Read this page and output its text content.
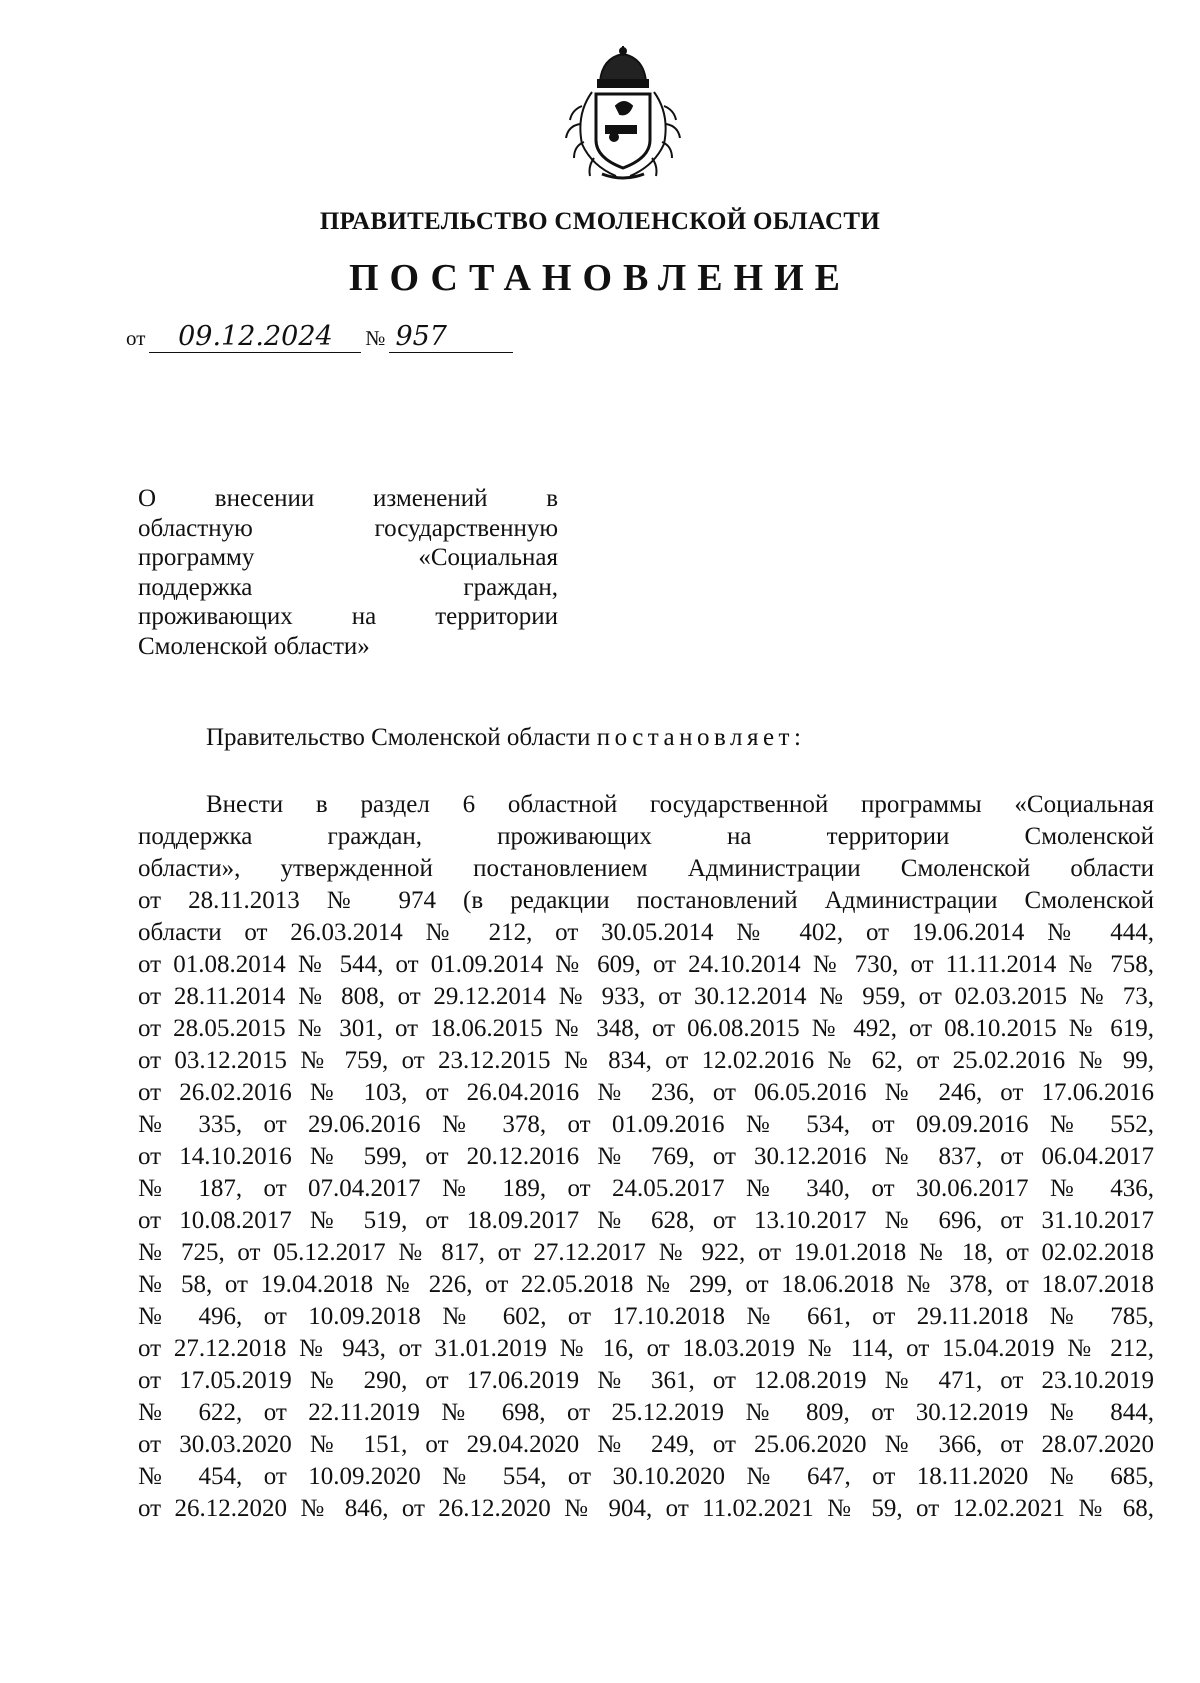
ПРАВИТЕЛЬСТВО СМОЛЕНСКОЙ ОБЛАСТИ
ПОСТАНОВЛЕНИЕ
от 09.12.2024 № 957
О внесении изменений в
областную государственную
программу «Социальная
поддержка граждан,
проживающих на территории
Смоленской области»
Правительство Смоленской области постановляет:
Внести в раздел 6 областной государственной программы «Социальная
поддержка граждан, проживающих на территории Смоленской
области», утвержденной постановлением Администрации Смоленской области
от 28.11.2013 № 974 (в редакции постановлений Администрации Смоленской
области от 26.03.2014 № 212, от 30.05.2014 № 402, от 19.06.2014 № 444,
от 01.08.2014 № 544, от 01.09.2014 № 609, от 24.10.2014 № 730, от 11.11.2014 № 758,
от 28.11.2014 № 808, от 29.12.2014 № 933, от 30.12.2014 № 959, от 02.03.2015 № 73,
от 28.05.2015 № 301, от 18.06.2015 № 348, от 06.08.2015 № 492, от 08.10.2015 № 619,
от 03.12.2015 № 759, от 23.12.2015 № 834, от 12.02.2016 № 62, от 25.02.2016 № 99,
от 26.02.2016 № 103, от 26.04.2016 № 236, от 06.05.2016 № 246, от 17.06.2016
№ 335, от 29.06.2016 № 378, от 01.09.2016 № 534, от 09.09.2016 № 552,
от 14.10.2016 № 599, от 20.12.2016 № 769, от 30.12.2016 № 837, от 06.04.2017
№ 187, от 07.04.2017 № 189, от 24.05.2017 № 340, от 30.06.2017 № 436,
от 10.08.2017 № 519, от 18.09.2017 № 628, от 13.10.2017 № 696, от 31.10.2017
№ 725, от 05.12.2017 № 817, от 27.12.2017 № 922, от 19.01.2018 № 18, от 02.02.2018
№ 58, от 19.04.2018 № 226, от 22.05.2018 № 299, от 18.06.2018 № 378, от 18.07.2018
№ 496, от 10.09.2018 № 602, от 17.10.2018 № 661, от 29.11.2018 № 785,
от 27.12.2018 № 943, от 31.01.2019 № 16, от 18.03.2019 № 114, от 15.04.2019 № 212,
от 17.05.2019 № 290, от 17.06.2019 № 361, от 12.08.2019 № 471, от 23.10.2019
№ 622, от 22.11.2019 № 698, от 25.12.2019 № 809, от 30.12.2019 № 844,
от 30.03.2020 № 151, от 29.04.2020 № 249, от 25.06.2020 № 366, от 28.07.2020
№ 454, от 10.09.2020 № 554, от 30.10.2020 № 647, от 18.11.2020 № 685,
от 26.12.2020 № 846, от 26.12.2020 № 904, от 11.02.2021 № 59, от 12.02.2021 № 68,
